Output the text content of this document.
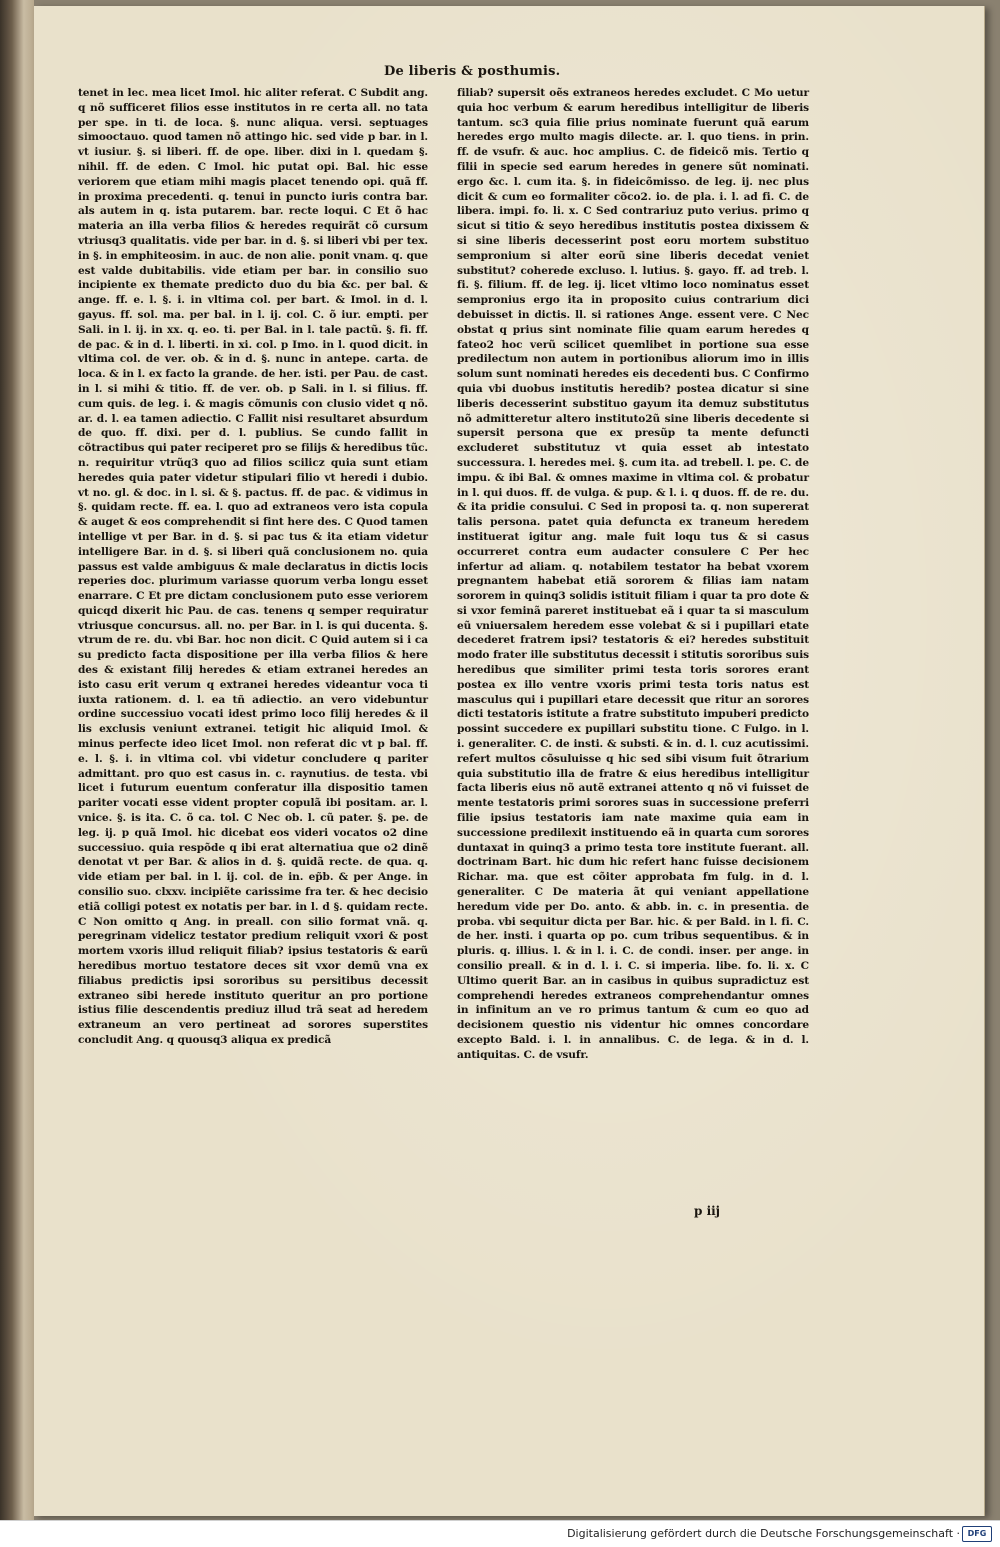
De liberis & posthumis.

tenet in lec. mea licet Imol. hic aliter referat. C Subdit ang. q nõ sufficeret filios esse institutos in re certa all. no tata per spe. in ti. de loca. §. nunc aliqua. versi. septuages simooctauo. quod tamen nõ attingo hic. sed vide p bar. in l. vt iusiur. §. si liberi. ff. de ope. liber. dixi in l. quedam §. nihil. ff. de eden. C Imol. hic putat opi. Bal. hic esse veriorem que etiam mihi magis placet tenendo opi. quã ff. in proxima precedenti. q. tenui in puncto iuris contra bar. als autem in q. ista putarem. bar. recte loqui. C Et õ hac materia an illa verba filios & heredes requirãt cõ cursum vtriusq3 qualitatis. vide per bar. in d. §. si liberi vbi per tex. in §. in emphiteosim. in auc. de non alie. ponit vnam. q. que est valde dubitabilis. vide etiam per bar. in consilio suo incipiente ex themate predicto duo du bia &c. per bal. & ange. ff. e. l. §. i. in vltima col. per bart. & Imol. in d. l. gayus. ff. sol. ma. per bal. in l. ij. col. C. õ iur. empti. per Sali. in l. ij. in xx. q. eo. ti. per Bal. in l. tale pactũ. §. fi. ff. de pac. & in d. l. liberti. in xi. col. p Imo. in l. quod dicit. in vltima col. de ver. ob. & in d. §. nunc in antepe. carta. de loca. & in l. ex facto la grande. de her. isti. per Pau. de cast. in l. si mihi & titio. ff. de ver. ob. p Sali. in l. si filius. ff. cum quis. de leg. i. & magis cõmunis con clusio videt q nõ. ar. d. l. ea tamen adiectio. C Fallit nisi resultaret absurdum de quo. ff. dixi. per d. l. publius. Se cundo fallit in cõtractibus qui pater reciperet pro se filijs & heredibus tũc. n. requiritur vtrũq3 quo ad filios scilicz quia sunt etiam heredes quia pater videtur stipulari filio vt heredi i dubio. vt no. gl. & doc. in l. si. & §. pactus. ff. de pac. & vidimus in §. quidam recte. ff. ea. l. quo ad extraneos vero ista copula & auget & eos comprehendit si fint here des. C Quod tamen intellige vt per Bar. in d. §. si pac tus & ita etiam videtur intelligere Bar. in d. §. si liberi quã conclusionem no. quia passus est valde ambiguus & male declaratus in dictis locis reperies doc. plurimum variasse quorum verba longu esset enarrare. C Et pre dictam conclusionem puto esse veriorem quicqd dixerit hic Pau. de cas. tenens q semper requiratur vtriusque concursus. all. no. per Bar. in l. is qui ducenta. §. vtrum de re. du. vbi Bar. hoc non dicit. C Quid autem si i ca su predicto facta dispositione per illa verba filios & here des & existant filij heredes & etiam extranei heredes an isto casu erit verum q extranei heredes videantur voca ti iuxta rationem. d. l. ea tñ adiectio. an vero videbuntur ordine successiuo vocati idest primo loco filij heredes & il lis exclusis veniunt extranei. tetigit hic aliquid Imol. & minus perfecte ideo licet Imol. non referat dic vt p bal. ff. e. l. §. i. in vltima col. vbi videtur concludere q pariter admittant. pro quo est casus in. c. raynutius. de testa. vbi licet i futurum euentum conferatur illa dispositio tamen pariter vocati esse vident propter copulã ibi positam. ar. l. vnice. §. is ita. C. õ ca. tol. C Nec ob. l. cũ pater. §. pe. de leg. ij. p quã Imol. hic dicebat eos videri vocatos o2 dine successiuo. quia respõde q ibi erat alternatiua que o2 dinẽ denotat vt per Bar. & alios in d. §. quidã recte. de qua. q. vide etiam per bal. in l. ij. col. de in. ep̃b. & per Ange. in consilio suo. clxxv. incipiẽte carissime fra ter. & hec decisio etiã colligi potest ex notatis per bar. in l. d §. quidam recte. C Non omitto q Ang. in preall. con silio format vnã. q. peregrinam videlicz testator predium reliquit vxori & post mortem vxoris illud reliquit filiab? ipsius testatoris & earũ heredibus mortuo testatore deces sit vxor demũ vna ex filiabus predictis ipsi sororibus su persitibus decessit extraneo sibi herede instituto queritur an pro portione istius filie descendentis prediuz illud trã seat ad heredem extraneum an vero pertineat ad sorores superstites concludit Ang. q quousq3 aliqua ex predicã

filiab? supersit oẽs extraneos heredes excludet. C Mo uetur quia hoc verbum & earum heredibus intelligitur de liberis tantum. sc3 quia filie prius nominate fuerunt quã earum heredes ergo multo magis dilecte. ar. l. quo tiens. in prin. ff. de vsufr. & auc. hoc amplius. C. de fideicõ mis. Tertio q filii in specie sed earum heredes in genere sũt nominati. ergo &c. l. cum ita. §. in fideicõmisso. de leg. ij. nec plus dicit & cum eo formaliter cõco2. io. de pla. i. l. ad fi. C. de libera. impi. fo. li. x. C Sed contrariuz puto verius. primo q sicut si titio & seyo heredibus institutis postea dixissem & si sine liberis decesserint post eoru mortem substituo sempronium si alter eorũ sine liberis decedat veniet substitut? coherede excluso. l. lutius. §. gayo. ff. ad treb. l. fi. §. filium. ff. de leg. ij. licet vltimo loco nominatus esset sempronius ergo ita in proposito cuius contrarium dici debuisset in dictis. ll. si rationes Ange. essent vere. C Nec obstat q prius sint nominate filie quam earum heredes q fateo2 hoc verũ scilicet quemlibet in portione sua esse predilectum non autem in portionibus aliorum imo in illis solum sunt nominati heredes eis decedenti bus. C Confirmo quia vbi duobus institutis heredib? postea dicatur si sine liberis decesserint substituo gayum ita demuz substitutus nõ admitteretur altero instituto2ũ sine liberis decedente si supersit persona que ex presũp ta mente defuncti excluderet substitutuz vt quia esset ab intestato successura. l. heredes mei. §. cum ita. ad trebell. l. pe. C. de impu. & ibi Bal. & omnes maxime in vltima col. & probatur in l. qui duos. ff. de vulga. & pup. & l. i. q duos. ff. de re. du. & ita pridie consului. C Sed in proposi ta. q. non supererat talis persona. patet quia defuncta ex traneum heredem instituerat igitur ang. male fuit loqu tus & si casus occurreret contra eum audacter consulere C Per hec infertur ad aliam. q. notabilem testator ha bebat vxorem pregnantem habebat etiã sororem & filias iam natam sororem in quinq3 solidis istituit filiam i quar ta pro dote & si vxor feminã pareret instituebat eã i quar ta si masculum eũ vniuersalem heredem esse volebat & si i pupillari etate decederet fratrem ipsi? testatoris & ei? heredes substituit modo frater ille substitutus decessit i stitutis sororibus suis heredibus que similiter primi testa toris sorores erant postea ex illo ventre vxoris primi testa toris natus est masculus qui i pupillari etare decessit que ritur an sorores dicti testatoris istitute a fratre substituto impuberi predicto possint succedere ex pupillari substitu tione. C Fulgo. in l. i. generaliter. C. de insti. & substi. & in. d. l. cuz acutissimi. refert multos cõsuluisse q hic sed sibi visum fuit õtrarium quia substitutio illa de fratre & eius heredibus intelligitur facta liberis eius nõ autẽ extranei attento q nõ vi fuisset de mente testatoris primi sorores suas in successione preferri filie ipsius testatoris iam nate maxime quia eam in successione predilexit instituendo eã in quarta cum sorores duntaxat in quinq3 a primo testa tore institute fuerant. all. doctrinam Bart. hic dum hic refert hanc fuisse decisionem Richar. ma. que est cõiter approbata fm fulg. in d. l. generaliter. C De materia ãt qui veniant appellatione heredum vide per Do. anto. & abb. in. c. in presentia. de proba. vbi sequitur dicta per Bar. hic. & per Bald. in l. fi. C. de her. insti. i quarta op po. cum tribus sequentibus. & in pluris. q. illius. l. & in l. i. C. de condi. inser. per ange. in consilio preall. & in d. l. i. C. si imperia. libe. fo. li. x. C Ultimo querit Bar. an in casibus in quibus supradictuz est comprehendi heredes extraneos comprehendantur omnes in infinitum an ve ro primus tantum & cum eo quo ad decisionem questio nis videntur hic omnes concordare excepto Bald. i. l. in annalibus. C. de lega. & in d. l. antiquitas. C. de vsufr.

p iij
Digitalisierung gefördert durch die Deutsche Forschungsgemeinschaft · DFG
